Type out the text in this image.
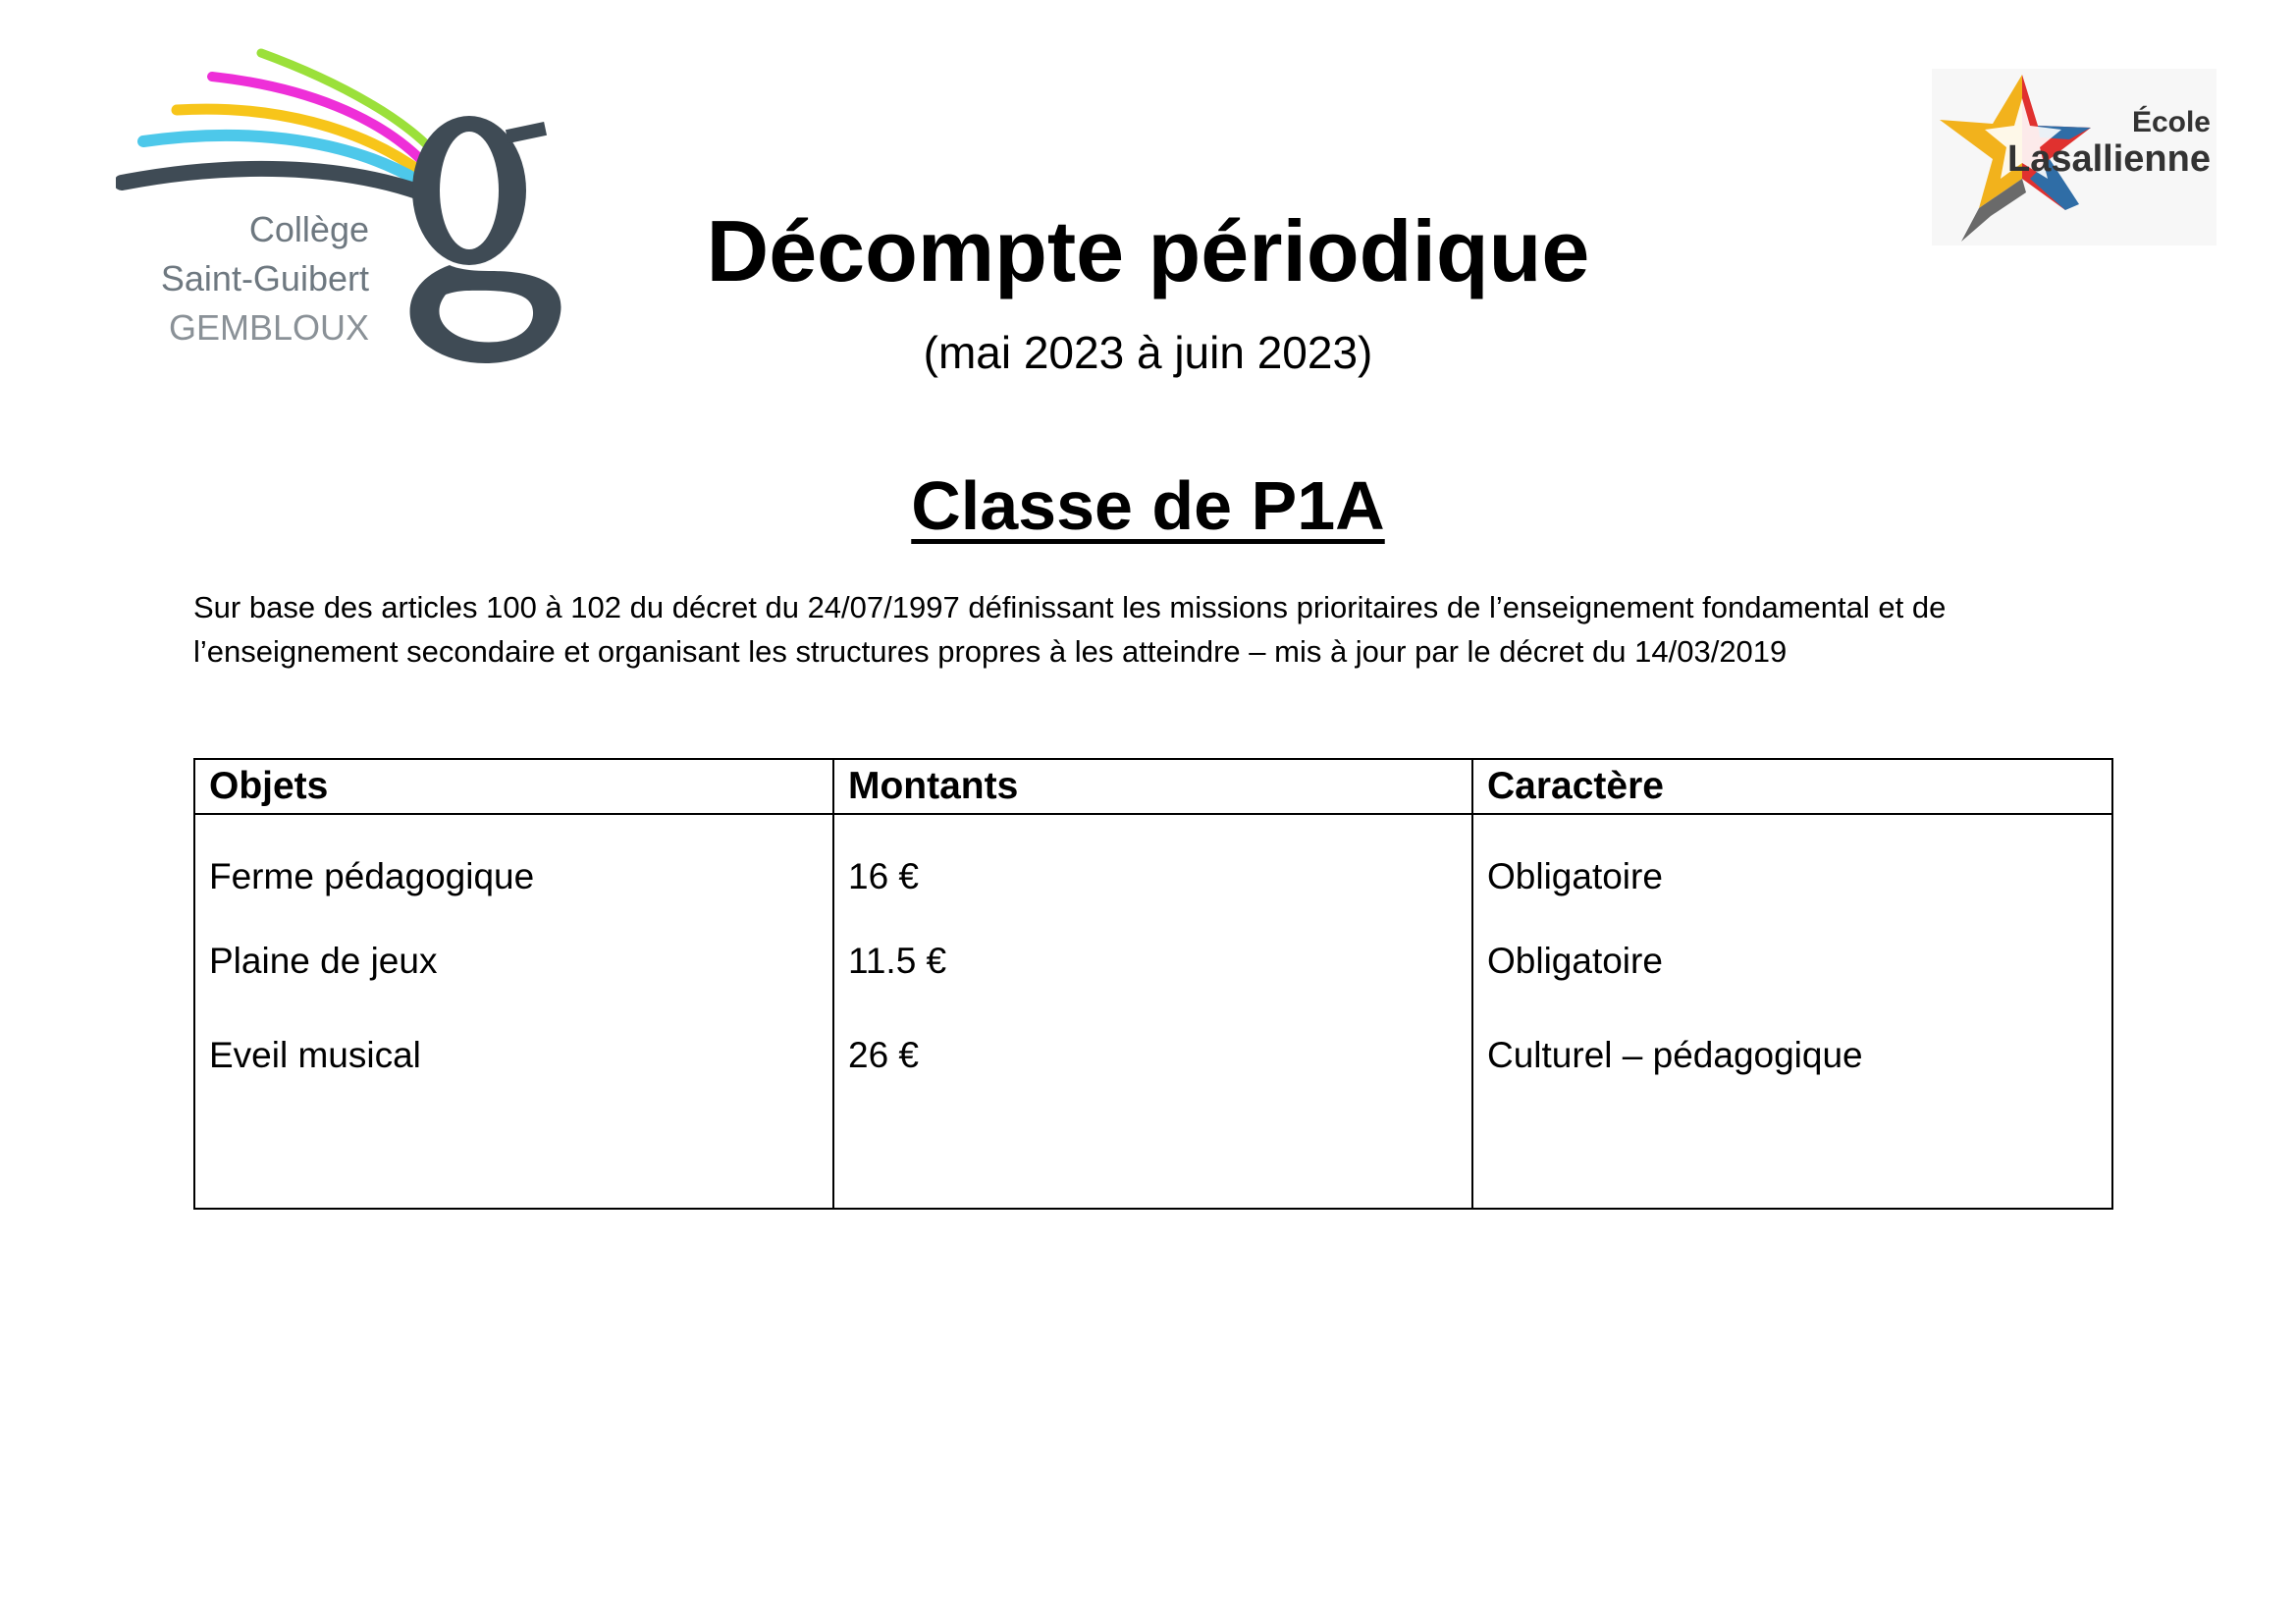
Collège
Saint-Guibert
GEMBLOUX
École
Lasallienne
Décompte périodique
(mai 2023 à juin 2023)
Classe de P1A
Sur base des articles 100 à 102 du décret du 24/07/1997 définissant les missions prioritaires de l’enseignement fondamental et de l’enseignement secondaire et organisant les structures propres à les atteindre – mis à jour par le décret du 14/03/2019
Objets	Montants	Caractère
Ferme pédagogique	16 €	Obligatoire
Plaine de jeux	11.5 €	Obligatoire
Eveil musical	26 €	Culturel – pédagogique
